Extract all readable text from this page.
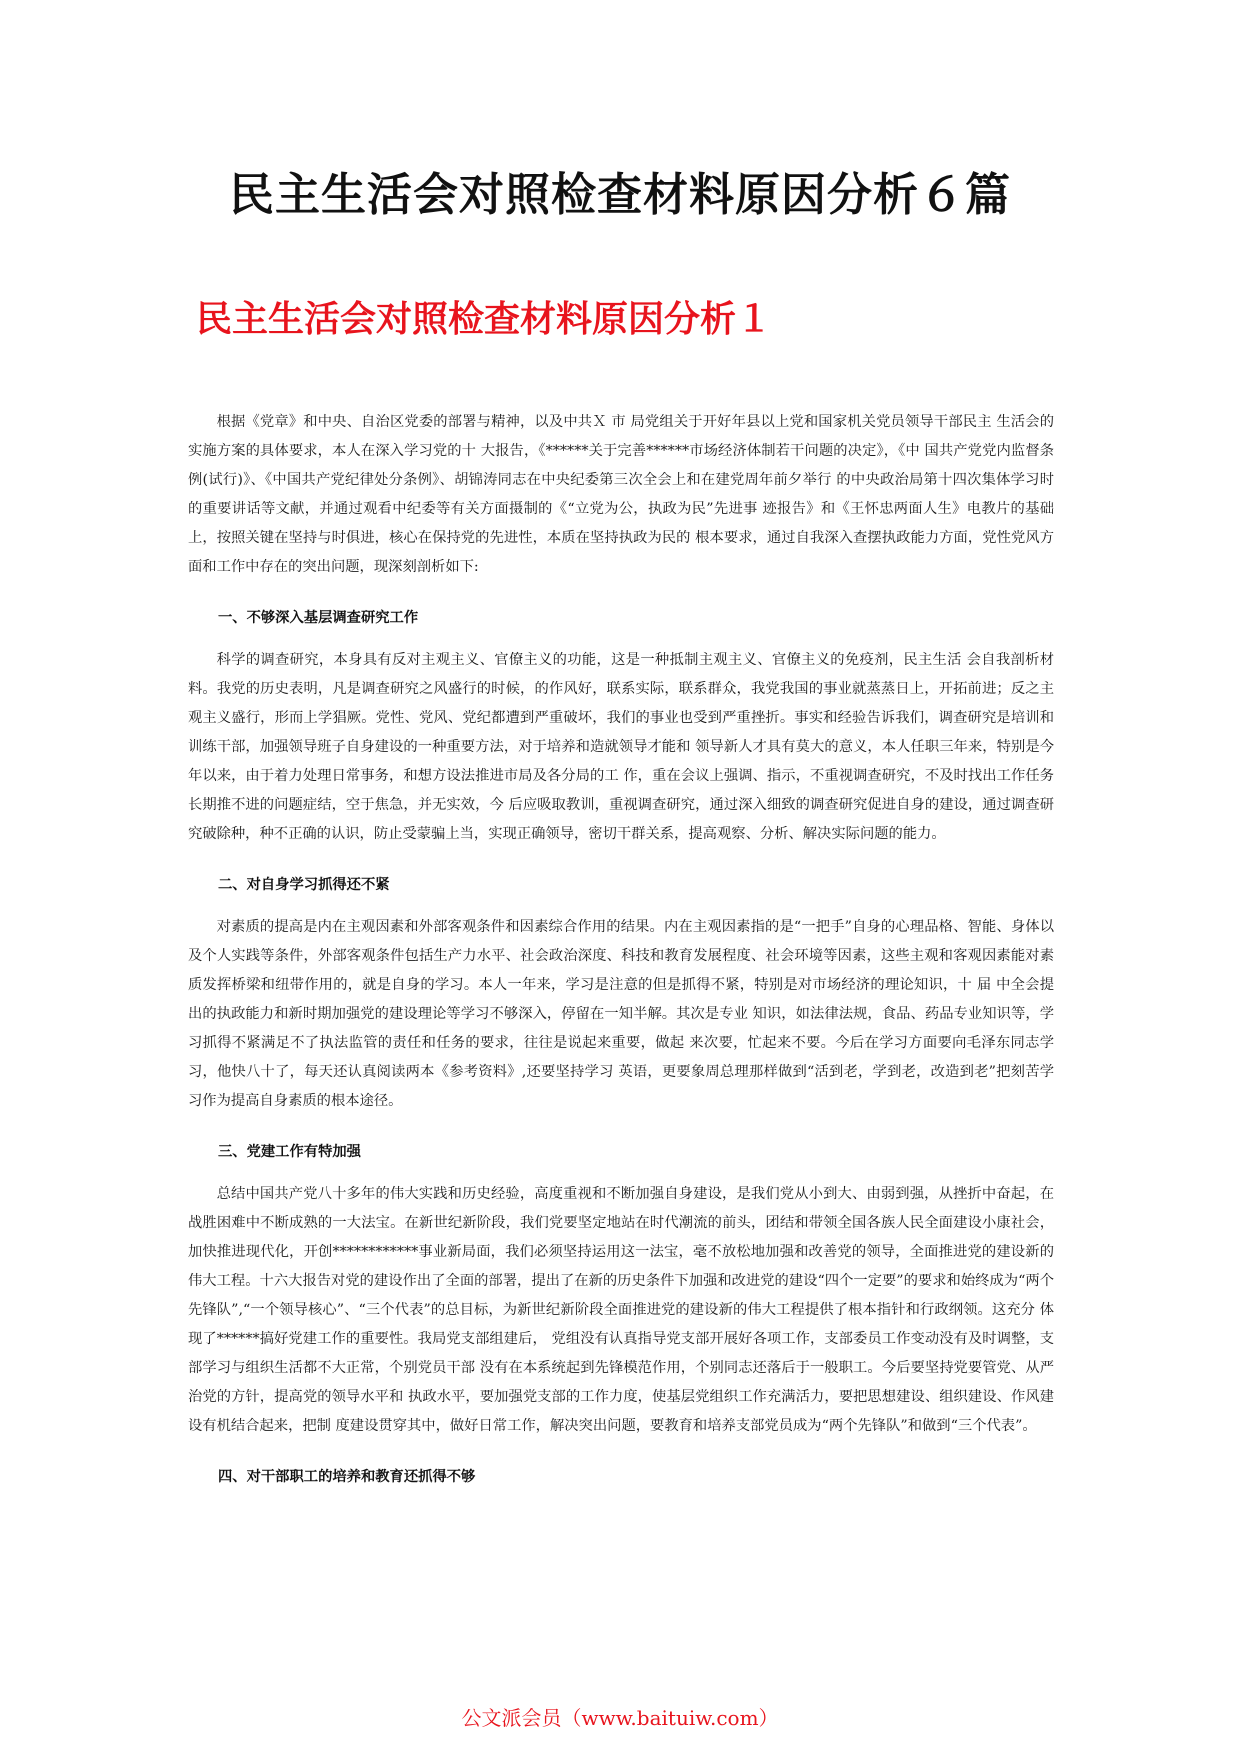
民主生活会对照检查材料原因分析６篇
民主生活会对照检查材料原因分析１

根据《党章》和中央、自治区党委的部署与精神，以及中共Ｘ 市 局党组关于开好年县以上党和国家机关党员领导干部民主 生活会的实施方案的具体要求，本人在深入学习党的十 大报告，《******关于完善******市场经济体制若干问题的决定》，《中 国共产党党内监督条例(试行)》、《中国共产党纪律处分条例》、胡锦涛同志在中央纪委第三次全会上和在建党周年前夕举行 的中央政治局第十四次集体学习时的重要讲话等文献，并通过观看中纪委等有关方面摄制的《“立党为公，执政为民”先进事 迹报告》和《王怀忠两面人生》电教片的基础上，按照关键在坚持与时俱进，核心在保持党的先进性，本质在坚持执政为民的 根本要求，通过自我深入查摆执政能力方面，党性党风方面和工作中存在的突出问题，现深刻剖析如下:

一、不够深入基层调查研究工作

科学的调查研究，本身具有反对主观主义、官僚主义的功能，这是一种抵制主观主义、官僚主义的免疫剂，民主生活 会自我剖析材料。我党的历史表明，凡是调查研究之风盛行的时候，的作风好，联系实际，联系群众，我党我国的事业就蒸蒸日上，开拓前进；反之主观主义盛行，形而上学猖厥。党性、党风、党纪都遭到严重破坏，我们的事业也受到严重挫折。事实和经验告诉我们，调查研究是培训和训练干部，加强领导班子自身建设的一种重要方法，对于培养和造就领导才能和 领导新人才具有莫大的意义，本人任职三年来，特别是今年以来，由于着力处理日常事务，和想方设法推进市局及各分局的工 作，重在会议上强调、指示，不重视调查研究，不及时找出工作任务长期推不进的问题症结，空于焦急，并无实效，今 后应吸取教训，重视调查研究，通过深入细致的调查研究促进自身的建设，通过调查研究破除种，种不正确的认识，防止受蒙骗上当，实现正确领导，密切干群关系，提高观察、分析、解决实际问题的能力。

二、对自身学习抓得还不紧

对素质的提高是内在主观因素和外部客观条件和因素综合作用的结果。内在主观因素指的是“一把手”自身的心理品格、智能、身体以及个人实践等条件，外部客观条件包括生产力水平、社会政治深度、科技和教育发展程度、社会环境等因素，这些主观和客观因素能对素质发挥桥梁和纽带作用的，就是自身的学习。本人一年来，学习是注意的但是抓得不紧，特别是对市场经济的理论知识，十 届 中全会提出的执政能力和新时期加强党的建设理论等学习不够深入，停留在一知半解。其次是专业 知识，如法律法规，食品、药品专业知识等，学习抓得不紧满足不了执法监管的责任和任务的要求，往往是说起来重要，做起 来次要，忙起来不要。今后在学习方面要向毛泽东同志学习，他快八十了，每天还认真阅读两本《参考资料》,还要坚持学习 英语，更要象周总理那样做到“活到老，学到老，改造到老”把刻苦学习作为提高自身素质的根本途径。

三、党建工作有特加强

总结中国共产党八十多年的伟大实践和历史经验，高度重视和不断加强自身建设，是我们党从小到大、由弱到强，从挫折中奋起，在战胜困难中不断成熟的一大法宝。在新世纪新阶段，我们党要坚定地站在时代潮流的前头，团结和带领全国各族人民全面建设小康社会，加快推进现代化，开创************事业新局面，我们必须坚持运用这一法宝，毫不放松地加强和改善党的领导，全面推进党的建设新的伟大工程。十六大报告对党的建设作出了全面的部署，提出了在新的历史条件下加强和改进党的建设“四个一定要”的要求和始终成为“两个先锋队”,“一个领导核心”、“三个代表”的总目标，为新世纪新阶段全面推进党的建设新的伟大工程提供了根本指针和行政纲领。这充分 体现了******搞好党建工作的重要性。我局党支部组建后， 党组没有认真指导党支部开展好各项工作，支部委员工作变动没有及时调整，支部学习与组织生活都不大正常，个别党员干部 没有在本系统起到先锋模范作用，个别同志还落后于一般职工。今后要坚持党要管党、从严治党的方针，提高党的领导水平和 执政水平，要加强党支部的工作力度，使基层党组织工作充满活力，要把思想建设、组织建设、作风建设有机结合起来，把制 度建设贯穿其中，做好日常工作，解决突出问题，要教育和培养支部党员成为“两个先锋队”和做到“三个代表”。

四、对干部职工的培养和教育还抓得不够
公文派会员（www.baituiw.com）
